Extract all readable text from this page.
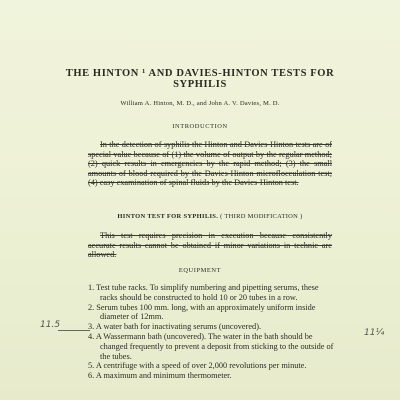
THE HINTON ¹ AND DAVIES-HINTON TESTS FOR
SYPHILIS
William A. Hinton, M. D., and John A. V. Davies, M. D.
INTRODUCTION
In the detection of syphilis the Hinton and Davies-Hinton tests are of special value because of (1) the volume of output by the regular method; (2) quick results in emergencies by the rapid method; (3) the small amounts of blood required by the Davies-Hinton microflocculation test; (4) easy examination of spinal fluids by the Davies-Hinton test.
HINTON TEST FOR SYPHILIS. ( THIRD MODIFICATION )
This test requires precision in execution because consistently accurate results cannot be obtained if minor variations in technic are allowed.
EQUIPMENT
1. Test tube racks. To simplify numbering and pipetting serums, these racks should be constructed to hold 10 or 20 tubes in a row.
2. Serum tubes 100 mm. long, with an approximately uniform inside diameter of 12mm.
3. A water bath for inactivating serums (uncovered).
4. A Wassermann bath (uncovered). The water in the bath should be changed frequently to prevent a deposit from sticking to the outside of the tubes.
5. A centrifuge with a speed of over 2,000 revolutions per minute.
6. A maximum and minimum thermometer.
11.5
11¼
